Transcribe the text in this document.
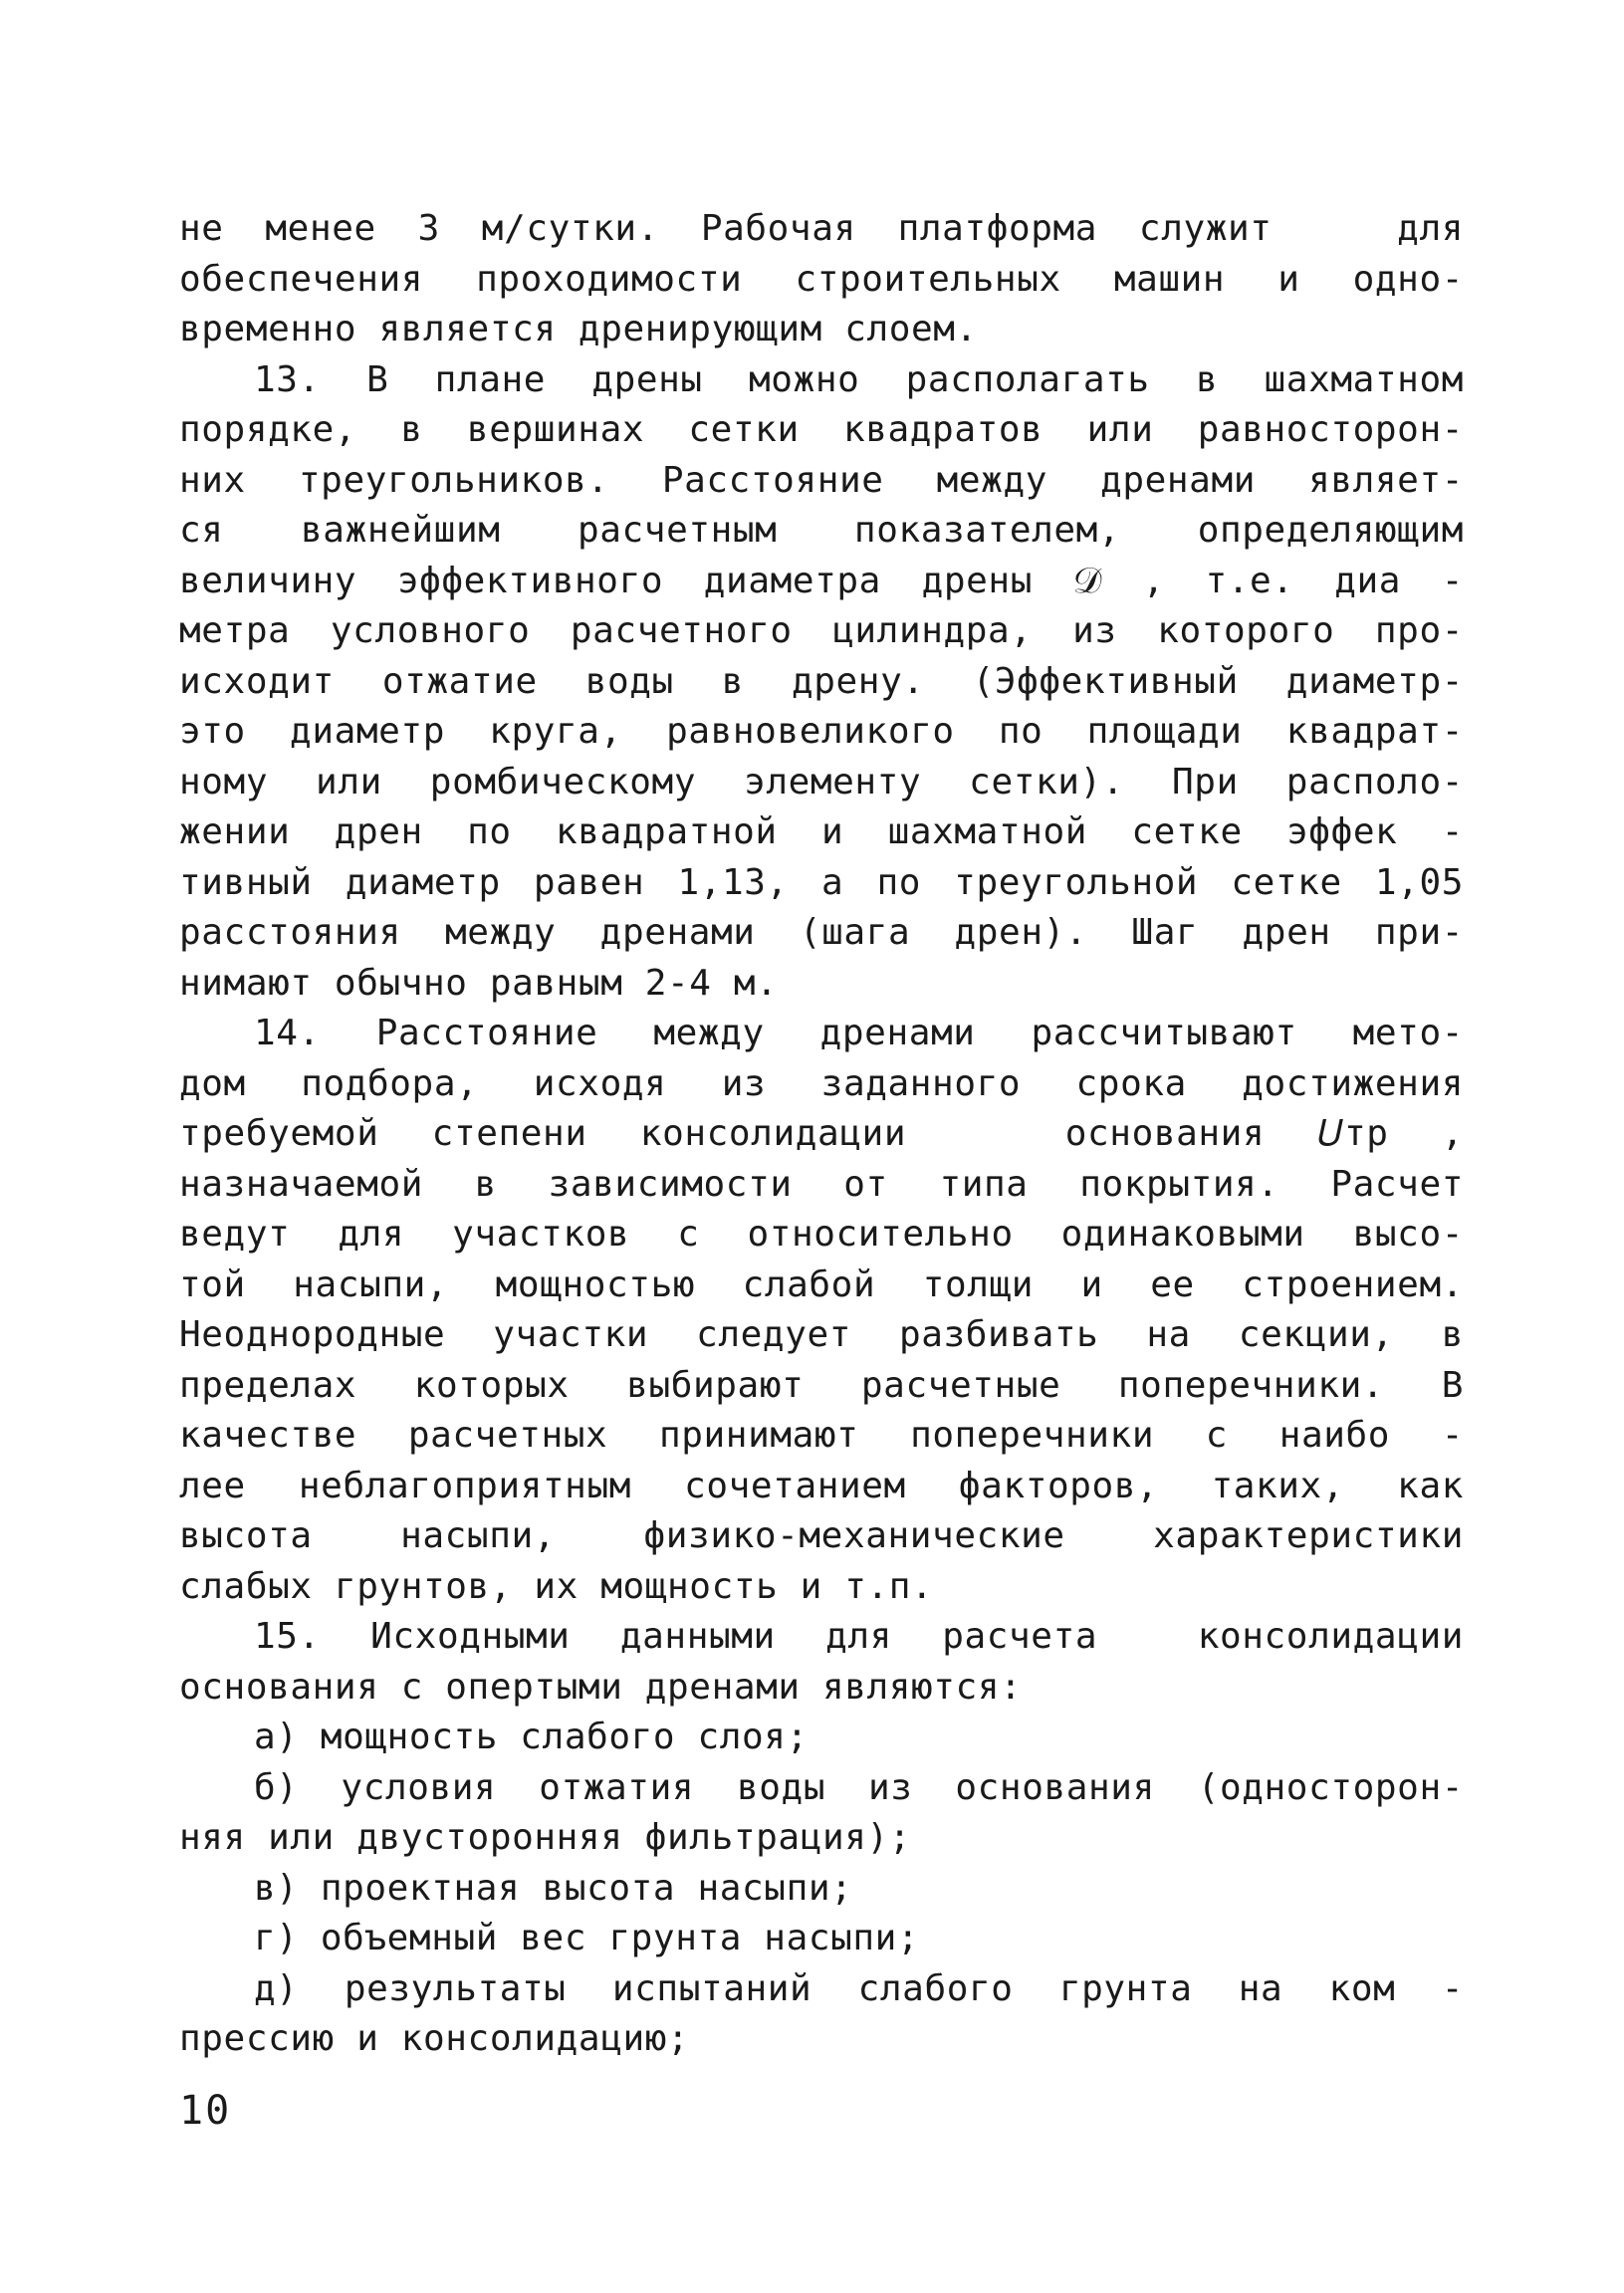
не менее 3 м/сутки. Рабочая платформа служит   для
обеспечения проходимости строительных машин и одно-
временно является дренирующим слоем.
13. В плане дрены можно располагать в шахматном
порядке, в вершинах сетки квадратов или равносторон-
них треугольников. Расстояние между дренами являет-
ся важнейшим расчетным показателем, определяющим
величину эффективного диаметра дрены 𝒟 , т.е. диа -
метра условного расчетного цилиндра, из которого про-
исходит отжатие воды в дрену. (Эффективный диаметр-
это диаметр круга, равновеликого по площади квадрат-
ному или ромбическому элементу сетки). При располо-
жении дрен по квадратной и шахматной сетке эффек -
тивный диаметр равен 1,13, а по треугольной сетке 1,05
расстояния между дренами (шага дрен). Шаг дрен при-
нимают обычно равным 2-4 м.
14. Расстояние между дренами рассчитывают мето-
дом подбора, исходя из заданного срока достижения
требуемой степени консолидации   основания 𝑈тр ,
назначаемой в зависимости от типа покрытия. Расчет
ведут для участков с относительно одинаковыми высо-
той насыпи, мощностью слабой толщи и ее строением.
Неоднородные участки следует разбивать на секции, в
пределах которых выбирают расчетные поперечники. В
качестве расчетных принимают поперечники с наибо -
лее неблагоприятным сочетанием факторов, таких, как
высота насыпи, физико-механические характеристики
слабых грунтов, их мощность и т.п.
15. Исходными данными для расчета  консолидации
основания с опертыми дренами являются:
а) мощность слабого слоя;
б) условия отжатия воды из основания (односторон-
няя или двусторонняя фильтрация);
в) проектная высота насыпи;
г) объемный вес грунта насыпи;
д) результаты испытаний слабого грунта на ком -
прессию и консолидацию;
10
